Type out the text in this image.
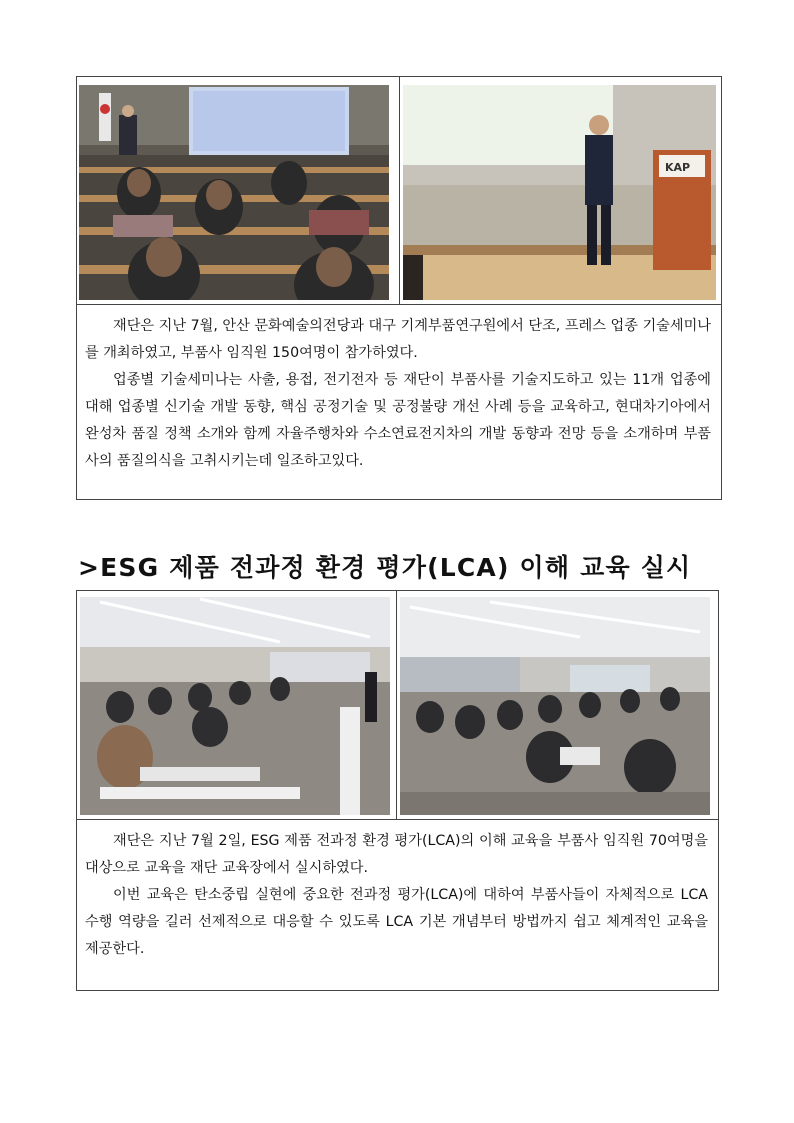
KAP

재단은 지난 7월, 안산 문화예술의전당과 대구 기계부품연구원에서 단조, 프레스 업종 기술세미나를 개최하였고, 부품사 임직원 150여명이 참가하였다.

업종별 기술세미나는 사출, 용접, 전기전자 등 재단이 부품사를 기술지도하고 있는 11개 업종에 대해 업종별 신기술 개발 동향, 핵심 공정기술 및 공정불량 개선 사례 등을 교육하고, 현대차기아에서 완성차 품질 정책 소개와 함께 자율주행차와 수소연료전지차의 개발 동향과 전망 등을 소개하며 부품사의 품질의식을 고취시키는데 일조하고있다.

>ESG 제품 전과정 환경 평가(LCA) 이해 교육 실시

재단은 지난 7월 2일, ESG 제품 전과정 환경 평가(LCA)의 이해 교육을 부품사 임직원 70여명을 대상으로 교육을 재단 교육장에서 실시하였다.

이번 교육은 탄소중립 실현에 중요한 전과정 평가(LCA)에 대하여 부품사들이 자체적으로 LCA 수행 역량을 길러 선제적으로 대응할 수 있도록 LCA 기본 개념부터 방법까지 쉽고 체계적인 교육을 제공한다.
